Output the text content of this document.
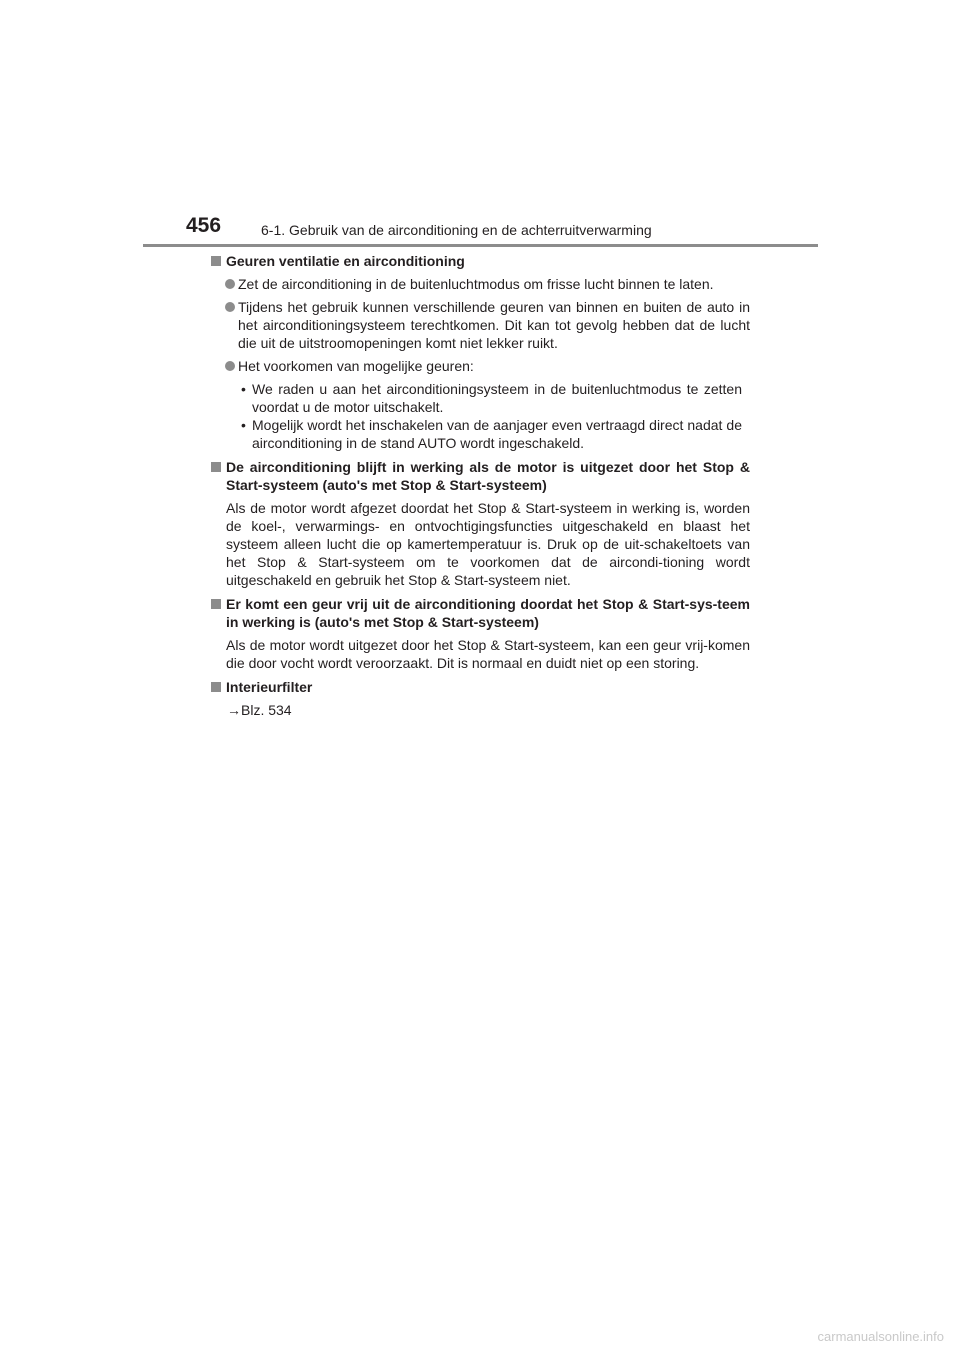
456	6-1. Gebruik van de airconditioning en de achterruitverwarming
Geuren ventilatie en airconditioning
Zet de airconditioning in de buitenluchtmodus om frisse lucht binnen te laten.
Tijdens het gebruik kunnen verschillende geuren van binnen en buiten de auto in het airconditioningsysteem terechtkomen. Dit kan tot gevolg hebben dat de lucht die uit de uitstroomopeningen komt niet lekker ruikt.
Het voorkomen van mogelijke geuren:
• We raden u aan het airconditioningsysteem in de buitenluchtmodus te zetten voordat u de motor uitschakelt.
• Mogelijk wordt het inschakelen van de aanjager even vertraagd direct nadat de airconditioning in de stand AUTO wordt ingeschakeld.
De airconditioning blijft in werking als de motor is uitgezet door het Stop & Start-systeem (auto's met Stop & Start-systeem)
Als de motor wordt afgezet doordat het Stop & Start-systeem in werking is, worden de koel-, verwarmings- en ontvochtigingsfuncties uitgeschakeld en blaast het systeem alleen lucht die op kamertemperatuur is. Druk op de uit-schakeltoets van het Stop & Start-systeem om te voorkomen dat de aircondi-tioning wordt uitgeschakeld en gebruik het Stop & Start-systeem niet.
Er komt een geur vrij uit de airconditioning doordat het Stop & Start-sys-teem in werking is (auto's met Stop & Start-systeem)
Als de motor wordt uitgezet door het Stop & Start-systeem, kan een geur vrij-komen die door vocht wordt veroorzaakt. Dit is normaal en duidt niet op een storing.
Interieurfilter
→Blz. 534
carmanualsonline.info
